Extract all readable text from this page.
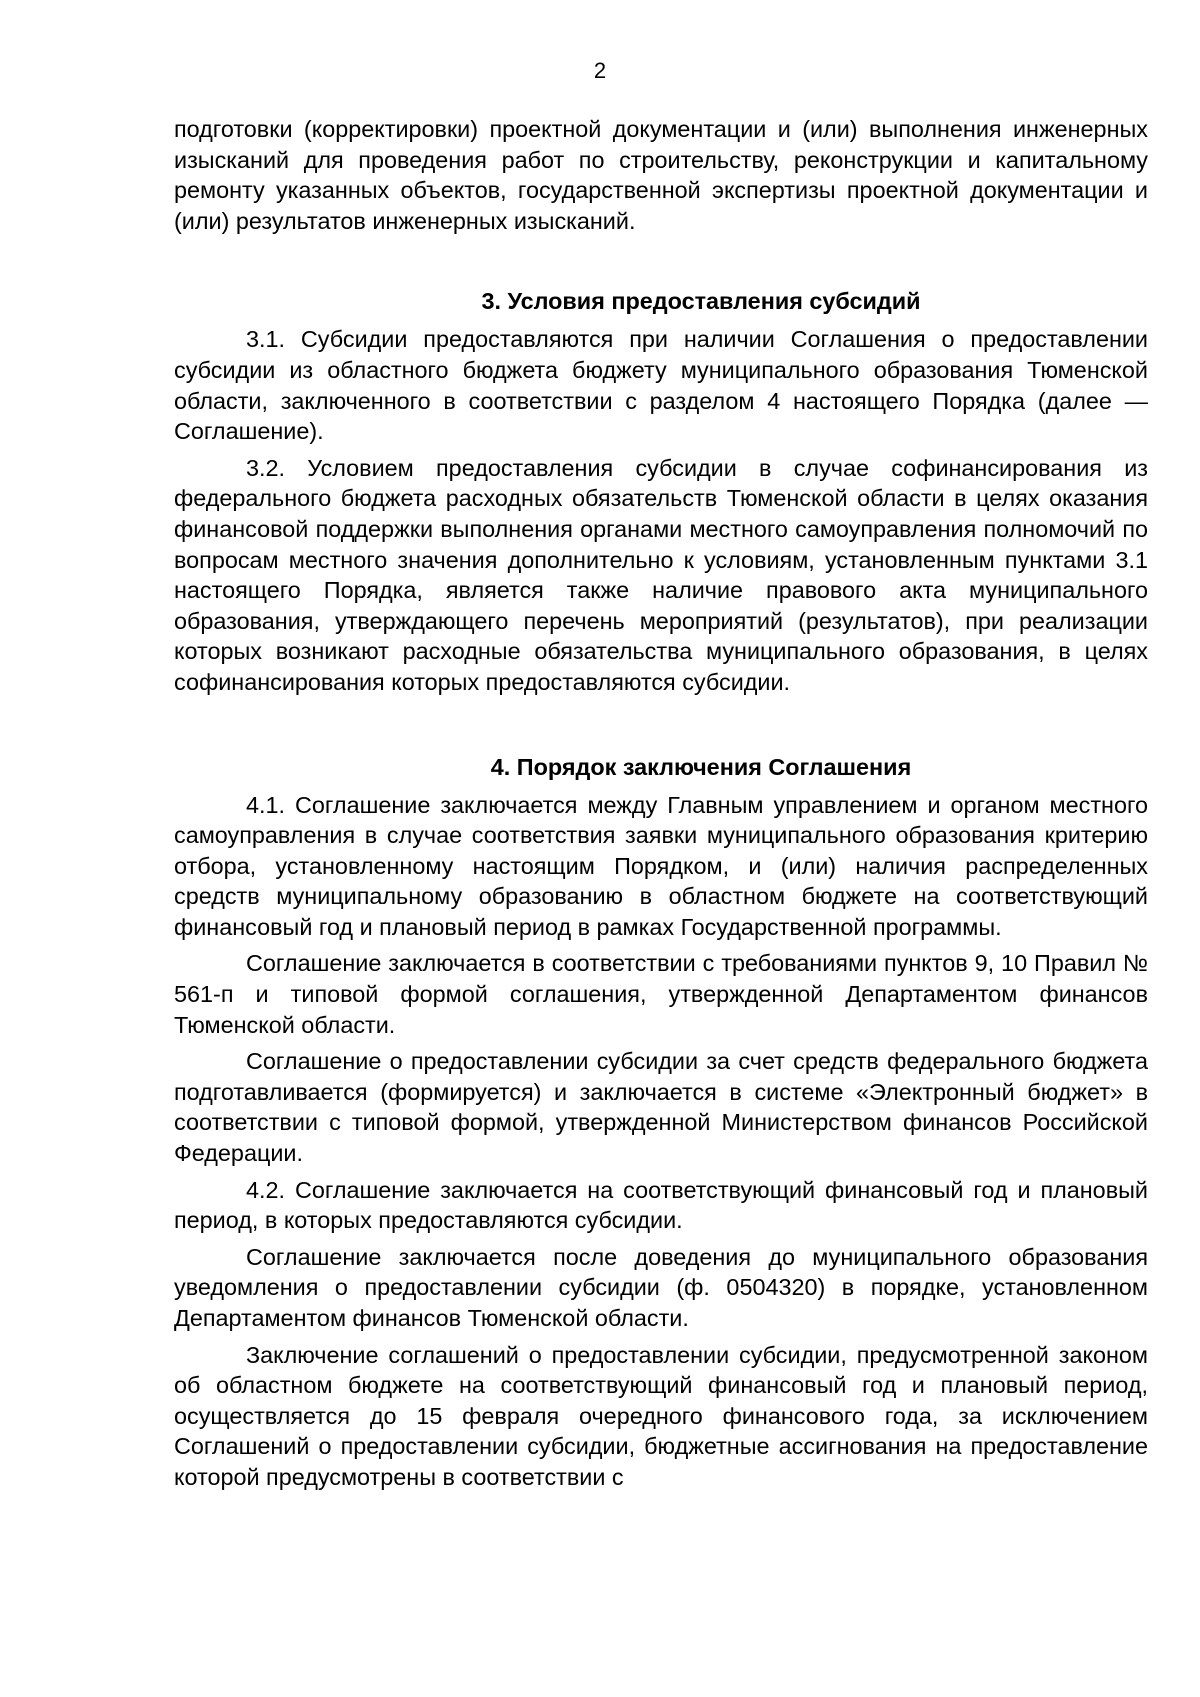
2

подготовки (корректировки) проектной документации и (или) выполнения инженерных изысканий для проведения работ по строительству, реконструкции и капитальному ремонту указанных объектов, государственной экспертизы проектной документации и (или) результатов инженерных изысканий.

3. Условия предоставления субсидий

3.1. Субсидии предоставляются при наличии Соглашения о предоставлении субсидии из областного бюджета бюджету муниципального образования Тюменской области, заключенного в соответствии с разделом 4 настоящего Порядка (далее — Соглашение).

3.2. Условием предоставления субсидии в случае софинансирования из федерального бюджета расходных обязательств Тюменской области в целях оказания финансовой поддержки выполнения органами местного самоуправления полномочий по вопросам местного значения дополнительно к условиям, установленным пунктами 3.1 настоящего Порядка, является также наличие правового акта муниципального образования, утверждающего перечень мероприятий (результатов), при реализации которых возникают расходные обязательства муниципального образования, в целях софинансирования которых предоставляются субсидии.

4. Порядок заключения Соглашения

4.1. Соглашение заключается между Главным управлением и органом местного самоуправления в случае соответствия заявки муниципального образования критерию отбора, установленному настоящим Порядком, и (или) наличия распределенных средств муниципальному образованию в областном бюджете на соответствующий финансовый год и плановый период в рамках Государственной программы.

Соглашение заключается в соответствии с требованиями пунктов 9, 10 Правил № 561-п и типовой формой соглашения, утвержденной Департаментом финансов Тюменской области.

Соглашение о предоставлении субсидии за счет средств федерального бюджета подготавливается (формируется) и заключается в системе «Электронный бюджет» в соответствии с типовой формой, утвержденной Министерством финансов Российской Федерации.

4.2. Соглашение заключается на соответствующий финансовый год и плановый период, в которых предоставляются субсидии.

Соглашение заключается после доведения до муниципального образования уведомления о предоставлении субсидии (ф. 0504320) в порядке, установленном Департаментом финансов Тюменской области.

Заключение соглашений о предоставлении субсидии, предусмотренной законом об областном бюджете на соответствующий финансовый год и плановый период, осуществляется до 15 февраля очередного финансового года, за исключением Соглашений о предоставлении субсидии, бюджетные ассигнования на предоставление которой предусмотрены в соответствии с
